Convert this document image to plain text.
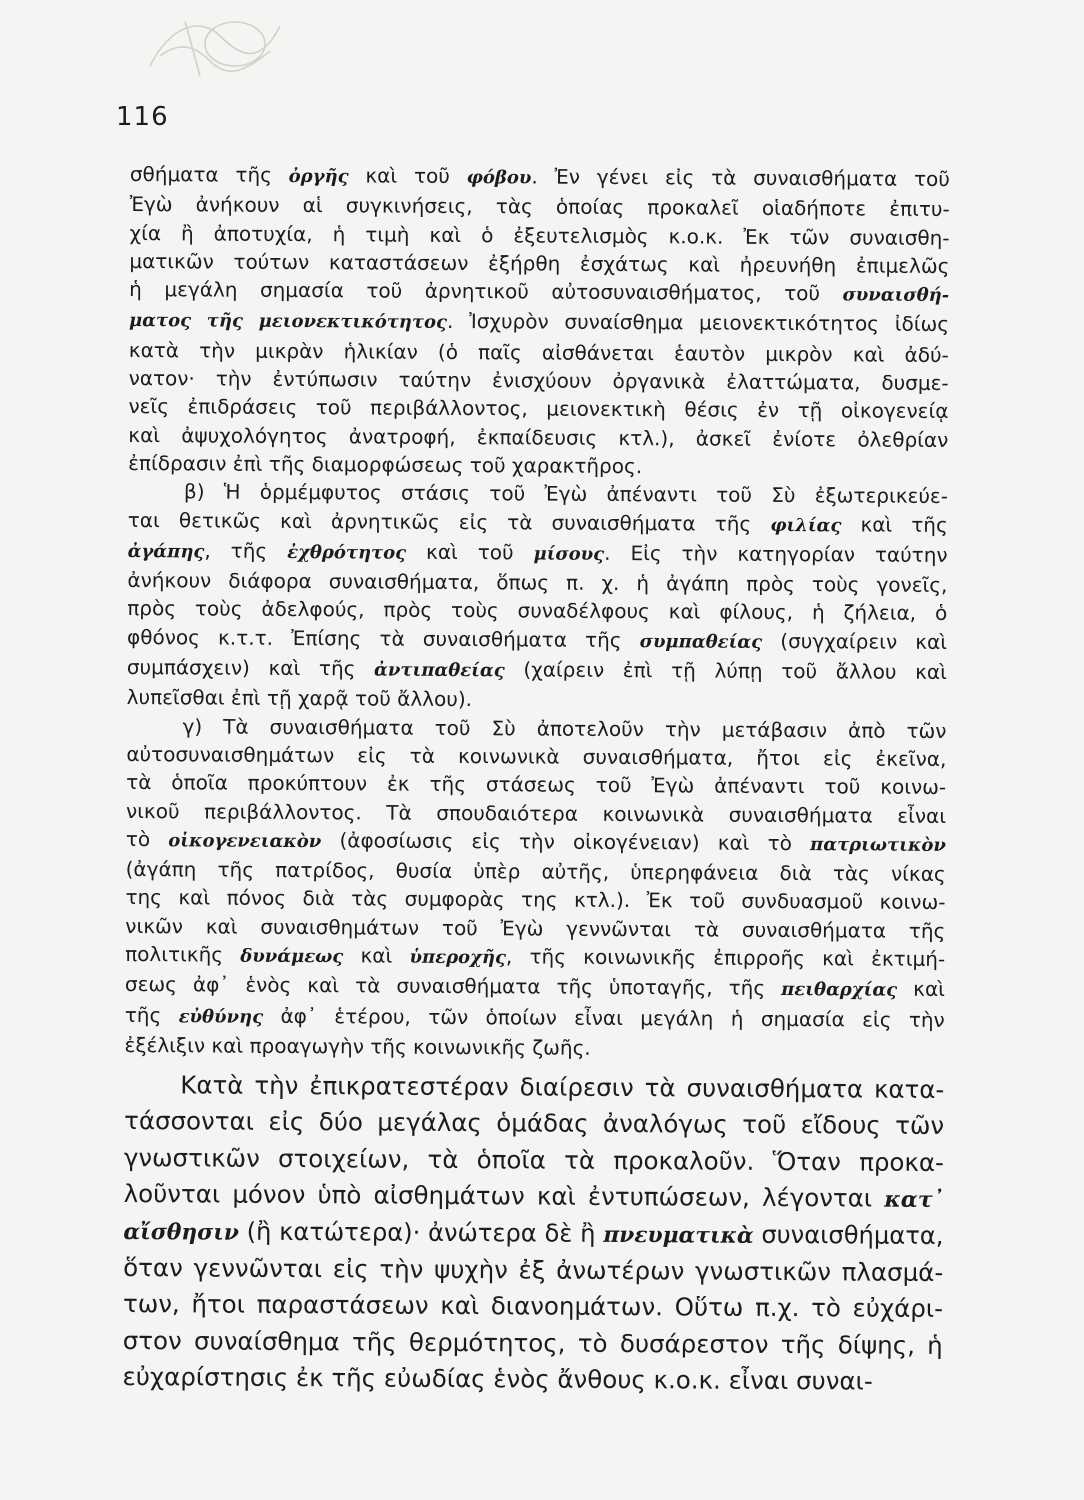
116
σθήματα τῆς ὀργῆς καὶ τοῦ φόβου. Ἐν γένει εἰς τὰ συναισθήματα τοῦ
Ἐγὼ ἀνήκουν αἱ συγκινήσεις, τὰς ὁποίας προκαλεῖ οἱαδήποτε ἐπιτυ-
χία ἢ ἀποτυχία, ἡ τιμὴ καὶ ὁ ἐξευτελισμὸς κ.ο.κ. Ἐκ τῶν συναισθη-
ματικῶν τούτων καταστάσεων ἐξήρθη ἐσχάτως καὶ ἠρευνήθη ἐπιμελῶς
ἡ μεγάλη σημασία τοῦ ἀρνητικοῦ αὐτοσυναισθήματος, τοῦ συναισθή-
ματος τῆς μειονεκτικότητος. Ἰσχυρὸν συναίσθημα μειονεκτικότητος ἰδίως
κατὰ τὴν μικρὰν ἡλικίαν (ὁ παῖς αἰσθάνεται ἑαυτὸν μικρὸν καὶ ἀδύ-
νατον· τὴν ἐντύπωσιν ταύτην ἐνισχύουν ὀργανικὰ ἐλαττώματα, δυσμε-
νεῖς ἐπιδράσεις τοῦ περιβάλλοντος, μειονεκτικὴ θέσις ἐν τῇ οἰκογενείᾳ
καὶ ἀψυχολόγητος ἀνατροφή, ἐκπαίδευσις κτλ.), ἀσκεῖ ἐνίοτε ὀλεθρίαν
ἐπίδρασιν ἐπὶ τῆς διαμορφώσεως τοῦ χαρακτῆρος.
β) Ἡ ὁρμέμφυτος στάσις τοῦ Ἐγὼ ἀπέναντι τοῦ Σὺ ἐξωτερικεύε-
ται θετικῶς καὶ ἀρνητικῶς εἰς τὰ συναισθήματα τῆς φιλίας καὶ τῆς
ἀγάπης, τῆς ἐχθρότητος καὶ τοῦ μίσους. Εἰς τὴν κατηγορίαν ταύτην
ἀνήκουν διάφορα συναισθήματα, ὅπως π. χ. ἡ ἀγάπη πρὸς τοὺς γονεῖς,
πρὸς τοὺς ἀδελφούς, πρὸς τοὺς συναδέλφους καὶ φίλους, ἡ ζήλεια, ὁ
φθόνος κ.τ.τ. Ἐπίσης τὰ συναισθήματα τῆς συμπαθείας (συγχαίρειν καὶ
συμπάσχειν) καὶ τῆς ἀντιπαθείας (χαίρειν ἐπὶ τῇ λύπῃ τοῦ ἄλλου καὶ
λυπεῖσθαι ἐπὶ τῇ χαρᾷ τοῦ ἄλλου).
γ) Τὰ συναισθήματα τοῦ Σὺ ἀποτελοῦν τὴν μετάβασιν ἀπὸ τῶν
αὐτοσυναισθημάτων εἰς τὰ κοινωνικὰ συναισθήματα, ἤτοι εἰς ἐκεῖνα,
τὰ ὁποῖα προκύπτουν ἐκ τῆς στάσεως τοῦ Ἐγὼ ἀπέναντι τοῦ κοινω-
νικοῦ περιβάλλοντος. Τὰ σπουδαιότερα κοινωνικὰ συναισθήματα εἶναι
τὸ οἰκογενειακὸν (ἀφοσίωσις εἰς τὴν οἰκογένειαν) καὶ τὸ πατριωτικὸν
(ἀγάπη τῆς πατρίδος, θυσία ὑπὲρ αὐτῆς, ὑπερηφάνεια διὰ τὰς νίκας
της καὶ πόνος διὰ τὰς συμφορὰς της κτλ.). Ἐκ τοῦ συνδυασμοῦ κοινω-
νικῶν καὶ συναισθημάτων τοῦ Ἐγὼ γεννῶνται τὰ συναισθήματα τῆς
πολιτικῆς δυνάμεως καὶ ὑπεροχῆς, τῆς κοινωνικῆς ἐπιρροῆς καὶ ἐκτιμή-
σεως ἀφ᾽ ἑνὸς καὶ τὰ συναισθήματα τῆς ὑποταγῆς, τῆς πειθαρχίας καὶ
τῆς εὐθύνης ἀφ᾽ ἑτέρου, τῶν ὁποίων εἶναι μεγάλη ἡ σημασία εἰς τὴν
ἐξέλιξιν καὶ προαγωγὴν τῆς κοινωνικῆς ζωῆς.
Κατὰ τὴν ἐπικρατεστέραν διαίρεσιν τὰ συναισθήματα κατα-
τάσσονται εἰς δύο μεγάλας ὁμάδας ἀναλόγως τοῦ εἴδους τῶν
γνωστικῶν στοιχείων, τὰ ὁποῖα τὰ προκαλοῦν. Ὅταν προκα-
λοῦνται μόνον ὑπὸ αἰσθημάτων καὶ ἐντυπώσεων, λέγονται κατ᾽
αἴσθησιν (ἢ κατώτερα)· ἀνώτερα δὲ ἢ πνευματικὰ συναισθήματα,
ὅταν γεννῶνται εἰς τὴν ψυχὴν ἐξ ἀνωτέρων γνωστικῶν πλασμά-
των, ἤτοι παραστάσεων καὶ διανοημάτων. Οὕτω π.χ. τὸ εὐχάρι-
στον συναίσθημα τῆς θερμότητος, τὸ δυσάρεστον τῆς δίψης, ἡ
εὐχαρίστησις ἐκ τῆς εὐωδίας ἑνὸς ἄνθους κ.ο.κ. εἶναι συναι-
